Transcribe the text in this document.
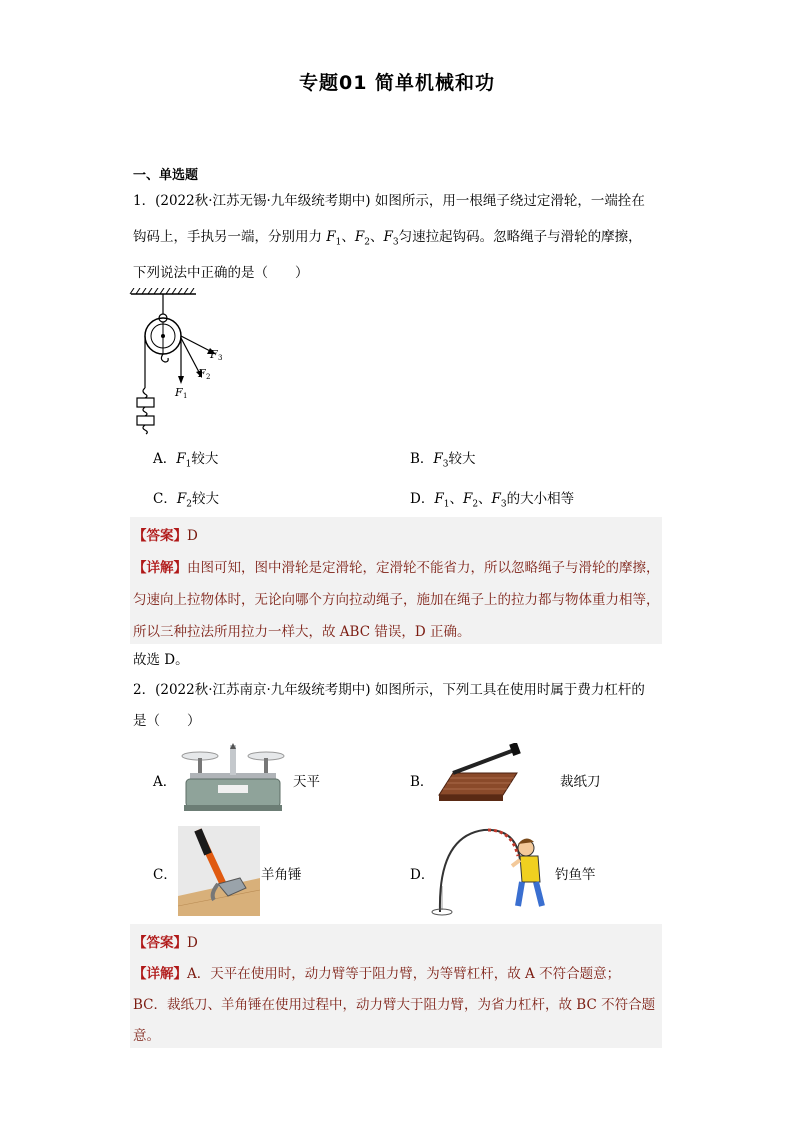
专题01 简单机械和功
一、单选题
1．(2022秋·江苏无锡·九年级统考期中) 如图所示，用一根绳子绕过定滑轮，一端拴在
钩码上，手执另一端，分别用力 $F_1$、$F_2$、$F_3$匀速拉起钩码。忽略绳子与滑轮的摩擦，
下列说法中正确的是（　　）
F 3
F 2
F 1
A．$F_1$较大	B．$F_3$较大
C．$F_2$较大	D．$F_1$、$F_2$、$F_3$的大小相等
【答案】D
【详解】由图可知，图中滑轮是定滑轮，定滑轮不能省力，所以忽略绳子与滑轮的摩擦，
匀速向上拉物体时，无论向哪个方向拉动绳子，施加在绳子上的拉力都与物体重力相等，
所以三种拉法所用拉力一样大，故 ABC 错误，D 正确。
故选 D。
2．(2022秋·江苏南京·九年级统考期中) 如图所示，下列工具在使用时属于费力杠杆的
是（　　）
A．	天平	B．	裁纸刀
C．	羊角锤	D．	钓鱼竿
【答案】D
【详解】A．天平在使用时，动力臂等于阻力臂，为等臂杠杆，故 A 不符合题意；
BC．裁纸刀、羊角锤在使用过程中，动力臂大于阻力臂，为省力杠杆，故 BC 不符合题
意。
